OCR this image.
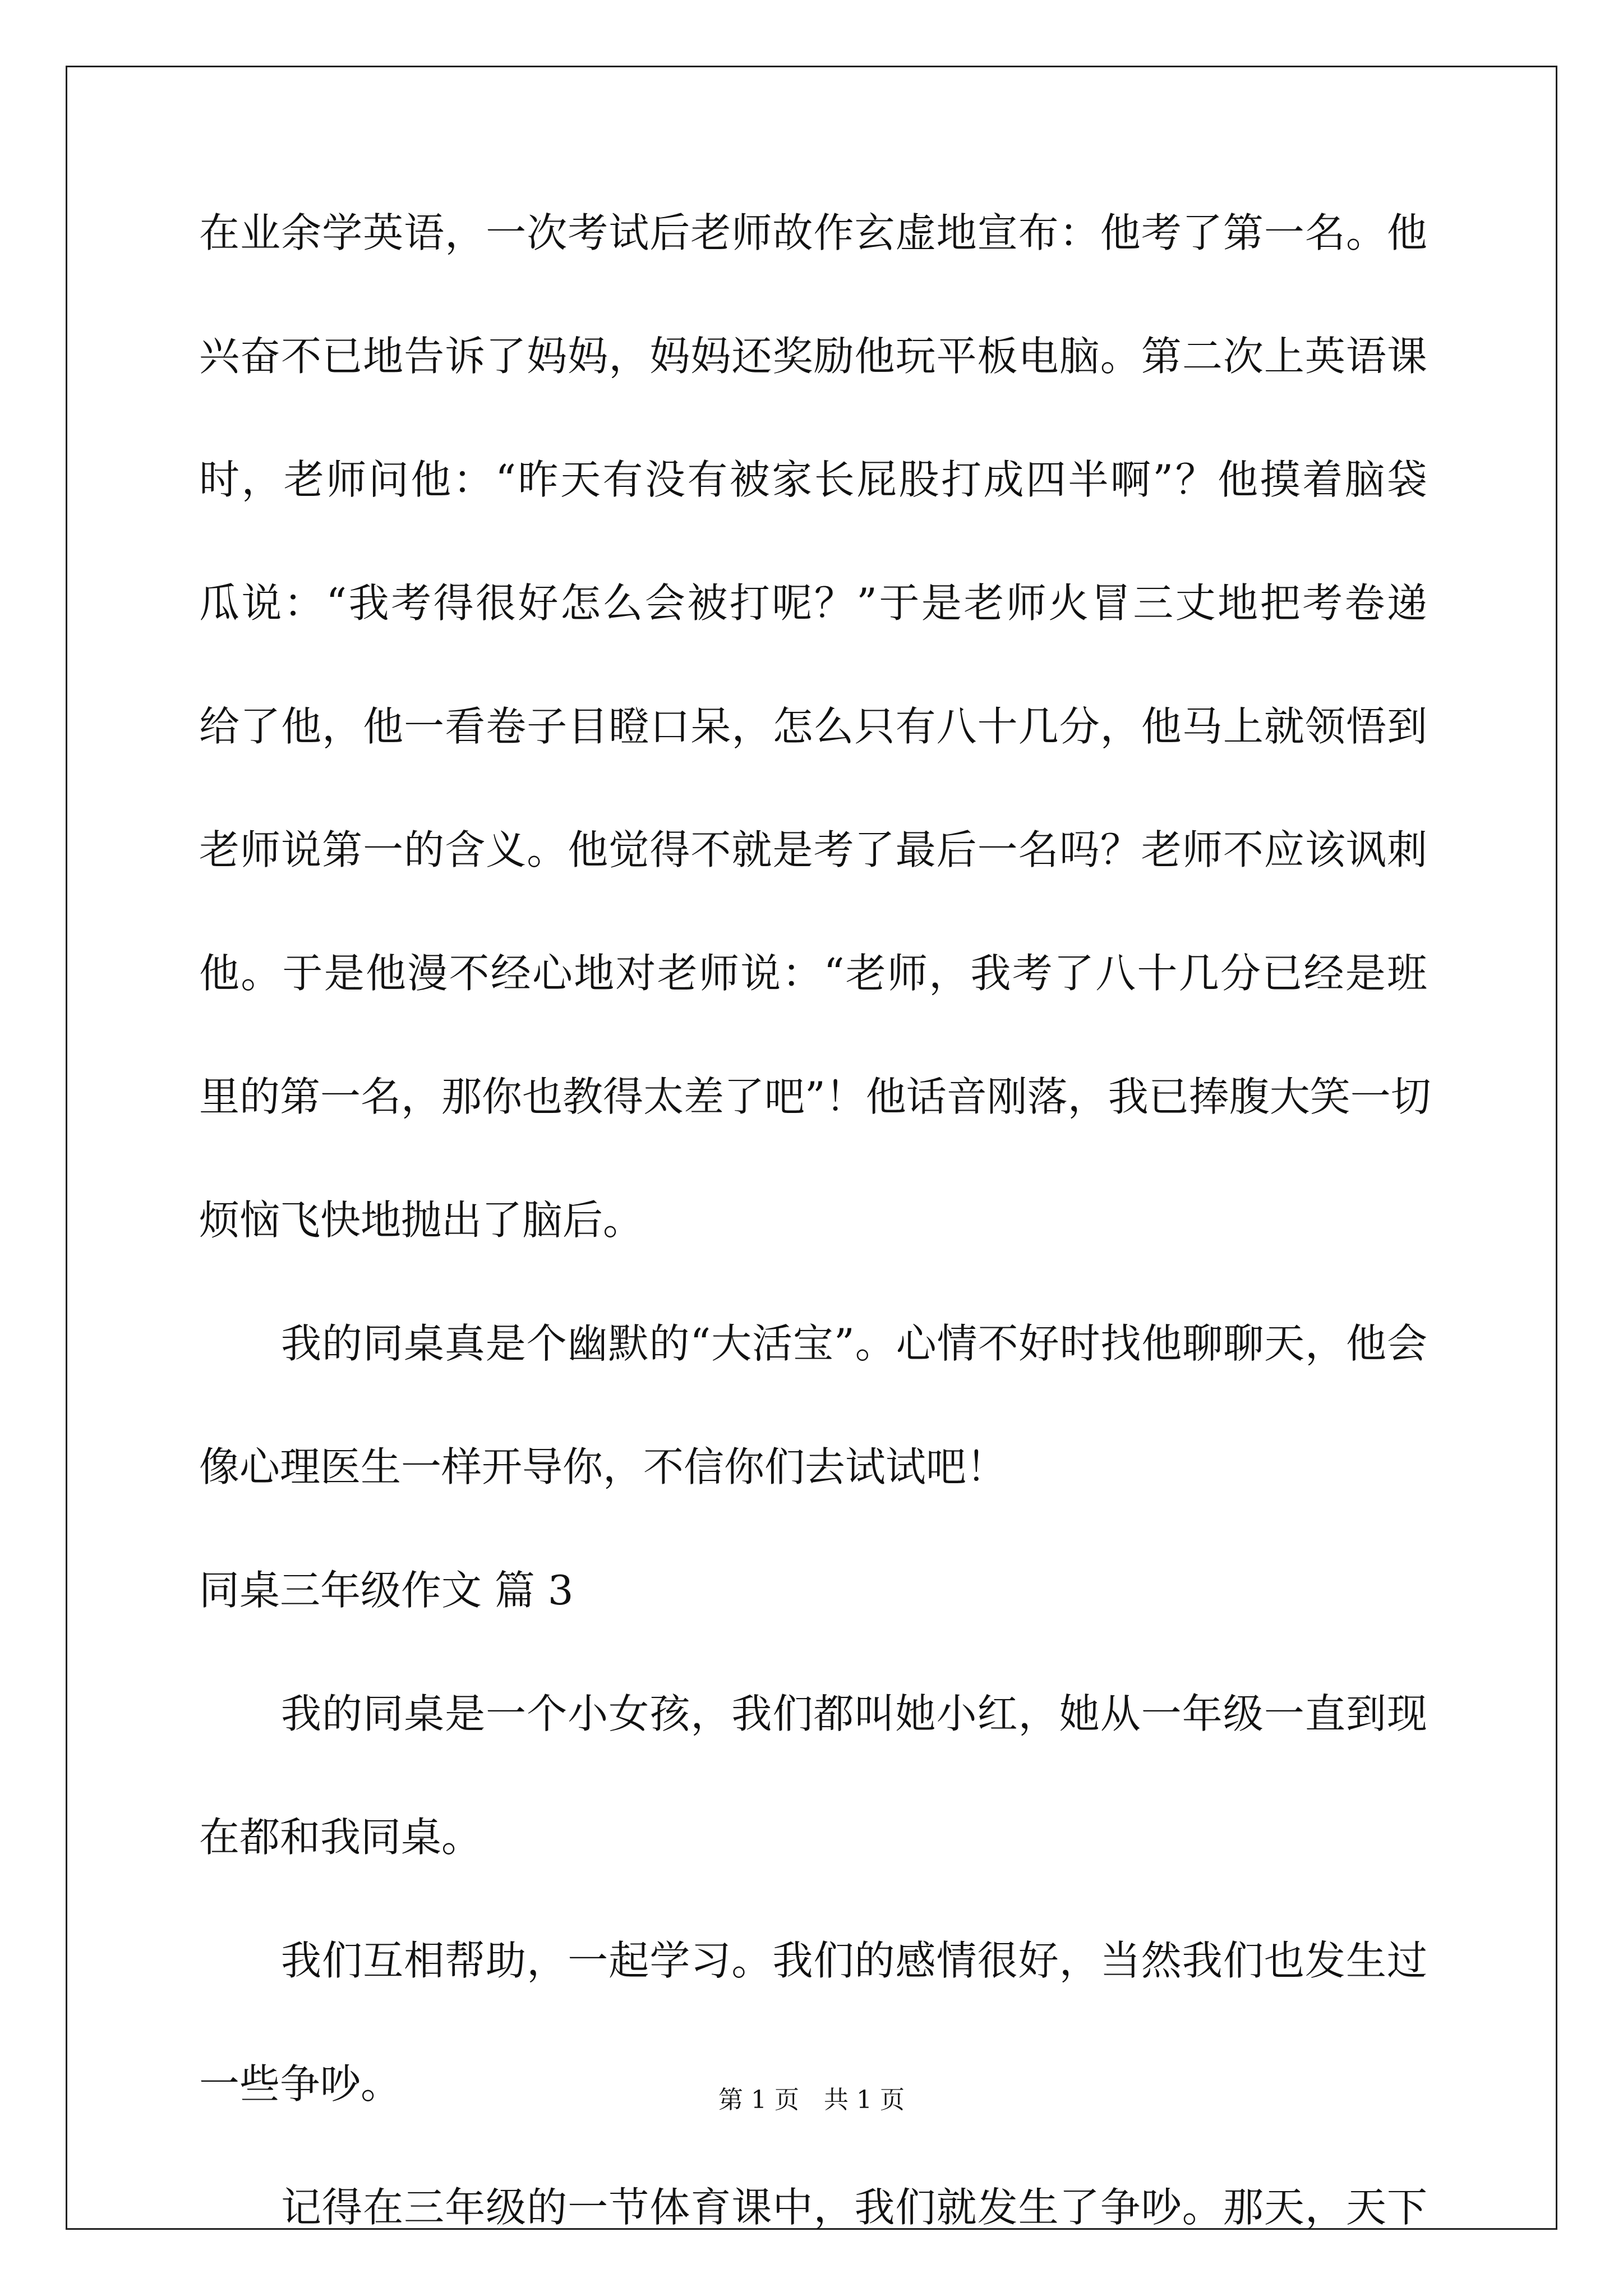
在业余学英语，一次考试后老师故作玄虚地宣布：他考了第一名。他
兴奋不已地告诉了妈妈，妈妈还奖励他玩平板电脑。第二次上英语课
时，老师问他：“昨天有没有被家长屁股打成四半啊”？他摸着脑袋
瓜说：“我考得很好怎么会被打呢？”于是老师火冒三丈地把考卷递
给了他，他一看卷子目瞪口呆，怎么只有八十几分，他马上就领悟到
老师说第一的含义。他觉得不就是考了最后一名吗？老师不应该讽刺
他。于是他漫不经心地对老师说：“老师，我考了八十几分已经是班
里的第一名，那你也教得太差了吧”！他话音刚落，我已捧腹大笑一切
烦恼飞快地抛出了脑后。
我的同桌真是个幽默的“大活宝”。心情不好时找他聊聊天，他会
像心理医生一样开导你，不信你们去试试吧！
同桌三年级作文 篇 3
我的同桌是一个小女孩，我们都叫她小红，她从一年级一直到现
在都和我同桌。
我们互相帮助，一起学习。我们的感情很好，当然我们也发生过
一些争吵。
记得在三年级的一节体育课中，我们就发生了争吵。那天，天下
第 1 页　共 1 页
